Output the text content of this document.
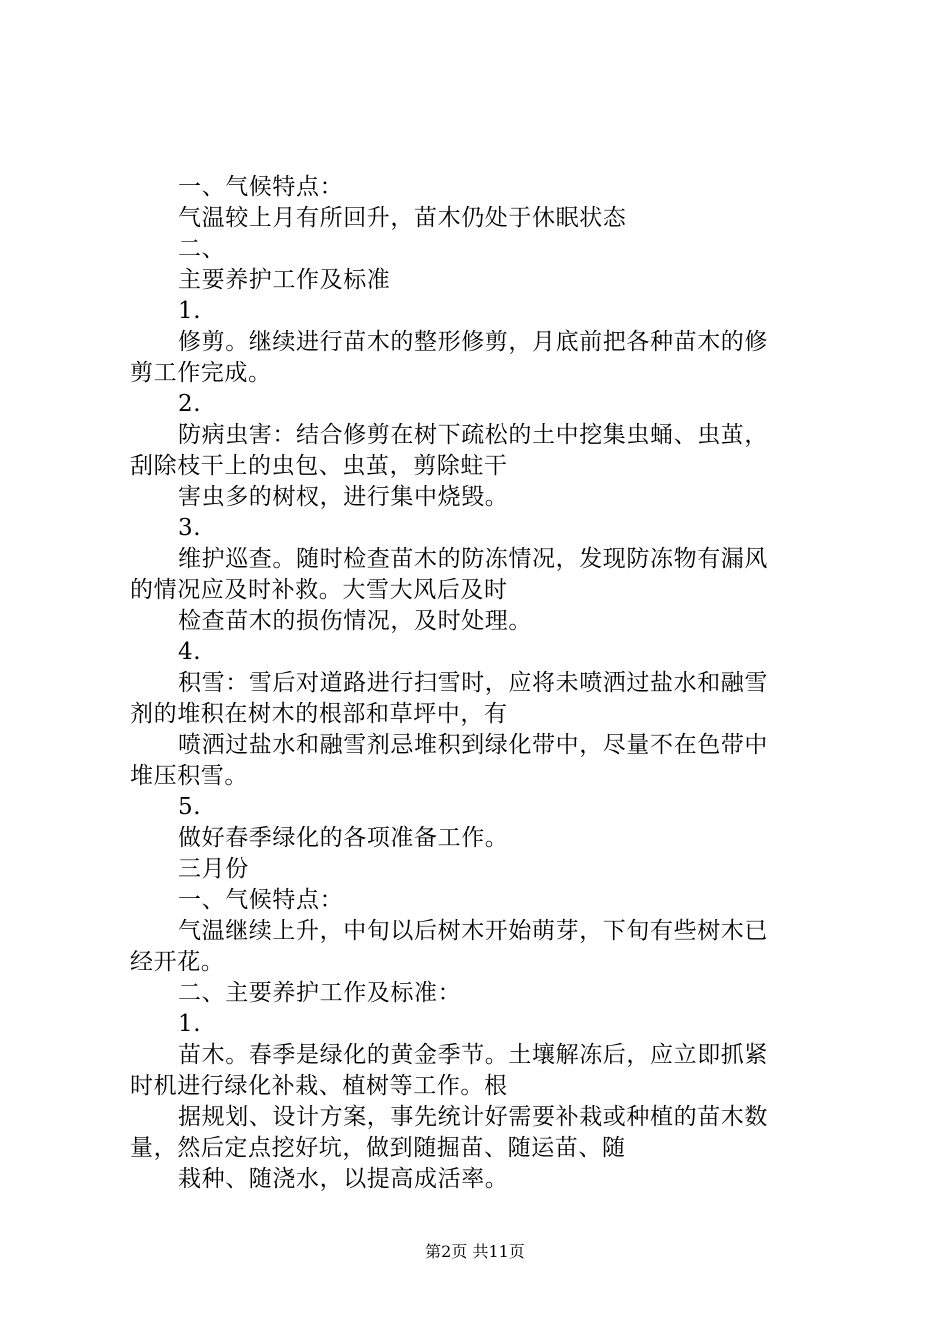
一、气候特点：
气温较上月有所回升，苗木仍处于休眠状态
二、
主要养护工作及标准
1.
修剪。继续进行苗木的整形修剪，月底前把各种苗木的修
剪工作完成。
2.
防病虫害：结合修剪在树下疏松的土中挖集虫蛹、虫茧，
刮除枝干上的虫包、虫茧，剪除蛀干
害虫多的树杈，进行集中烧毁。
3.
维护巡查。随时检查苗木的防冻情况，发现防冻物有漏风
的情况应及时补救。大雪大风后及时
检查苗木的损伤情况，及时处理。
4.
积雪：雪后对道路进行扫雪时，应将未喷洒过盐水和融雪
剂的堆积在树木的根部和草坪中，有
喷洒过盐水和融雪剂忌堆积到绿化带中，尽量不在色带中
堆压积雪。
5.
做好春季绿化的各项准备工作。
三月份
一、气候特点：
气温继续上升，中旬以后树木开始萌芽，下旬有些树木已
经开花。
二、主要养护工作及标准：
1.
苗木。春季是绿化的黄金季节。土壤解冻后，应立即抓紧
时机进行绿化补栽、植树等工作。根
据规划、设计方案，事先统计好需要补栽或种植的苗木数
量，然后定点挖好坑，做到随掘苗、随运苗、随
栽种、随浇水，以提高成活率。
第2页 共11页
